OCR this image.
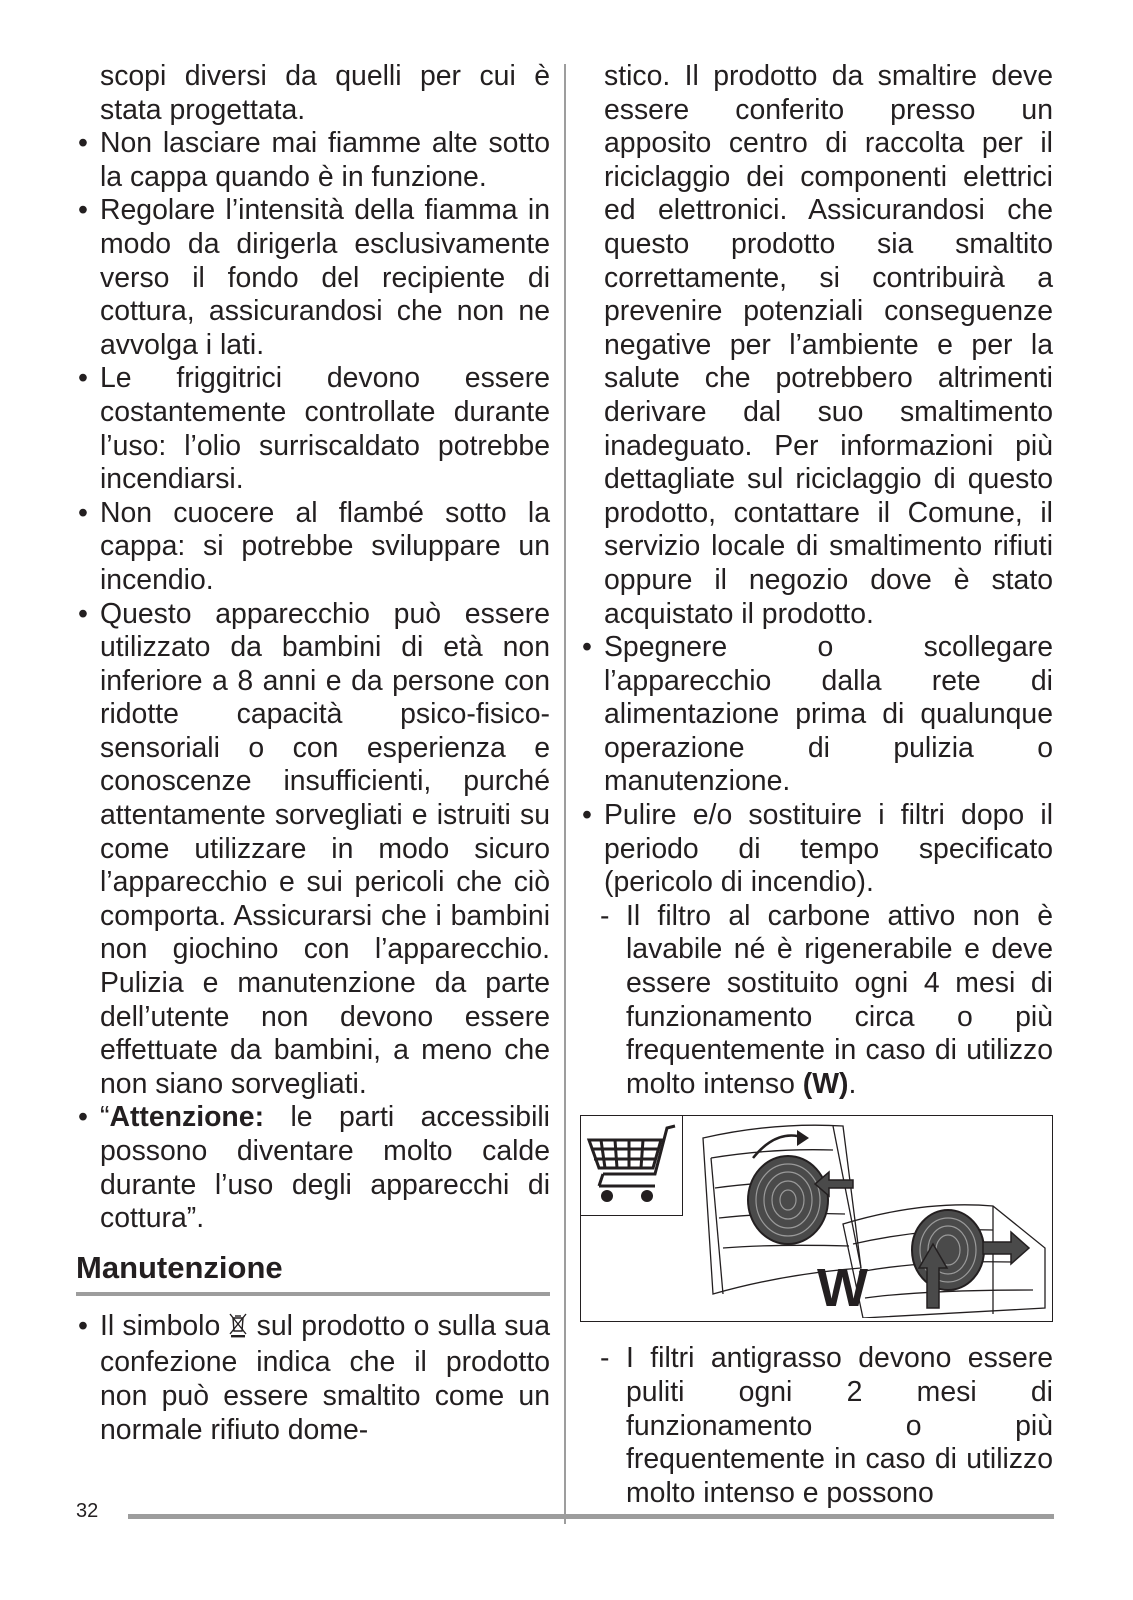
scopi diversi da quelli per cui è stata progettata.

• Non lasciare mai fiamme alte sotto la cappa quando è in funzione.

• Regolare l’intensità della fiamma in modo da dirigerla esclusivamente verso il fondo del recipiente di cottura, assicurandosi che non ne avvolga i lati.

• Le friggitrici devono essere costantemente controllate durante l’uso: l’olio surriscaldato potrebbe incendiarsi.

• Non cuocere al flambé sotto la cappa: si potrebbe sviluppare un incendio.

• Questo apparecchio può essere utilizzato da bambini di età non inferiore a 8 anni e da persone con ridotte capacità psico-fisico-sensoriali o con esperienza e conoscenze insufficienti, purché attentamente sorvegliati e istruiti su come utilizzare in modo sicuro l’apparecchio e sui pericoli che ciò comporta. Assicurarsi che i bambini non giochino con l’apparecchio. Pulizia e manutenzione da parte dell’utente non devono essere effettuate da bambini, a meno che non siano sorvegliati.

• “Attenzione: le parti accessibili possono diventare molto calde durante l’uso degli apparecchi di cottura”.

Manutenzione

• Il simbolo  sul prodotto o sulla sua confezione indica che il prodotto non può essere smaltito come un normale rifiuto dome-

stico. Il prodotto da smaltire deve essere conferito presso un apposito centro di raccolta per il riciclaggio dei componenti elettrici ed elettronici. Assicurandosi che questo prodotto sia smaltito correttamente, si contribuirà a prevenire potenziali conseguenze negative per l’ambiente e per la salute che potrebbero altrimenti derivare dal suo smaltimento inadeguato. Per informazioni più dettagliate sul riciclaggio di questo prodotto, contattare il Comune, il servizio locale di smaltimento rifiuti oppure il negozio dove è stato acquistato il prodotto.

• Spegnere o scollegare l’apparecchio dalla rete di alimentazione prima di qualunque operazione di pulizia o manutenzione.

• Pulire e/o sostituire i filtri dopo il periodo di tempo specificato (pericolo di incendio).

- Il filtro al carbone attivo non è lavabile né è rigenerabile e deve essere sostituito ogni 4 mesi di funzionamento circa o più frequentemente in caso di utilizzo molto intenso (W).

W

- I filtri antigrasso devono essere puliti ogni 2 mesi di funzionamento o più frequentemente in caso di utilizzo molto intenso e possono

32
